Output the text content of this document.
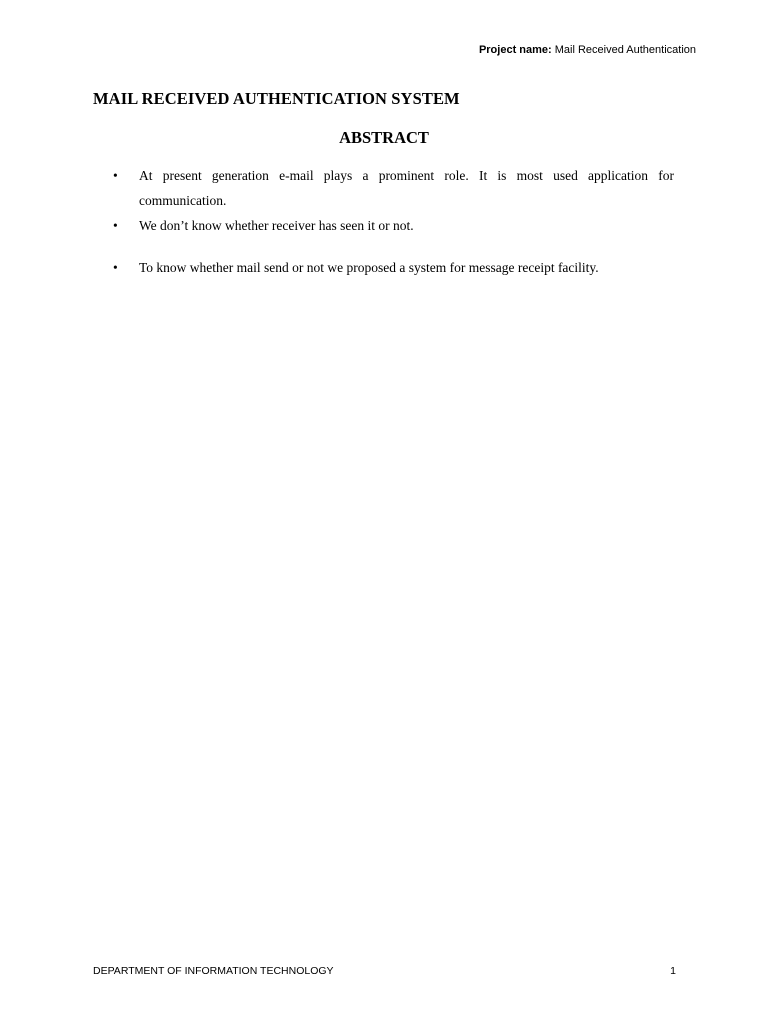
Project name: Mail Received Authentication
MAIL RECEIVED AUTHENTICATION SYSTEM
ABSTRACT
• At present generation e-mail plays a prominent role. It is most used application for communication.
• We don’t know whether receiver has seen it or not.
• To know whether mail send or not we proposed a system for message receipt facility.
DEPARTMENT OF INFORMATION TECHNOLOGY	1
